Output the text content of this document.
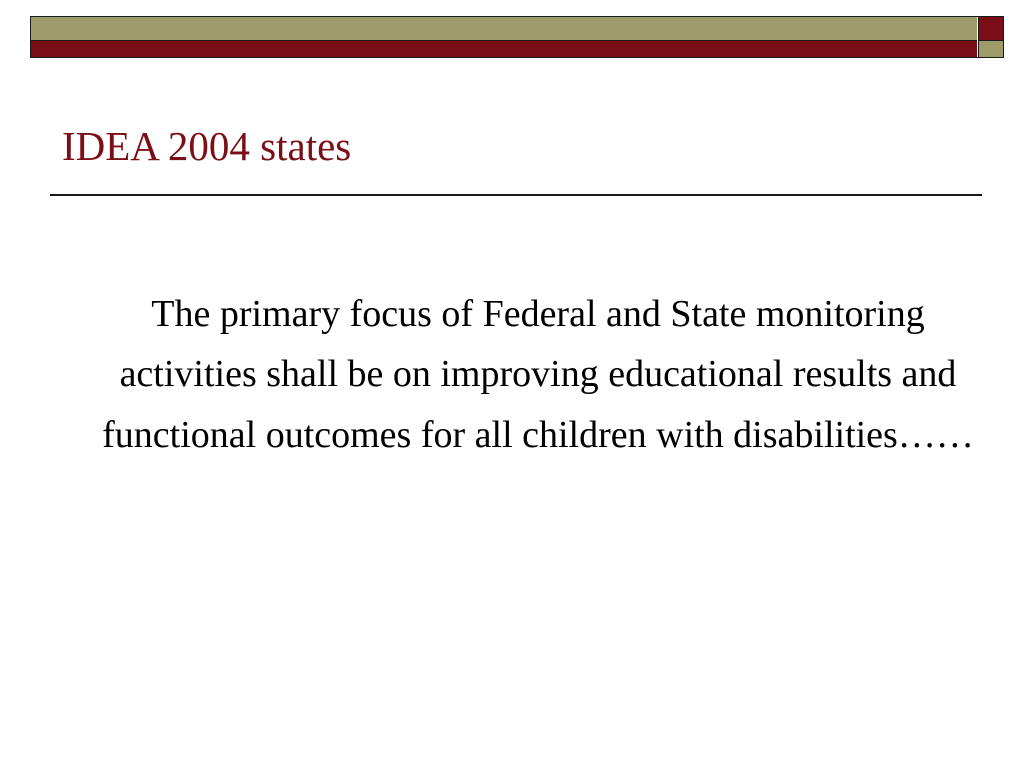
IDEA 2004 states

The primary focus of Federal and State monitoring activities shall be on improving educational results and functional outcomes for all children with disabilities……
